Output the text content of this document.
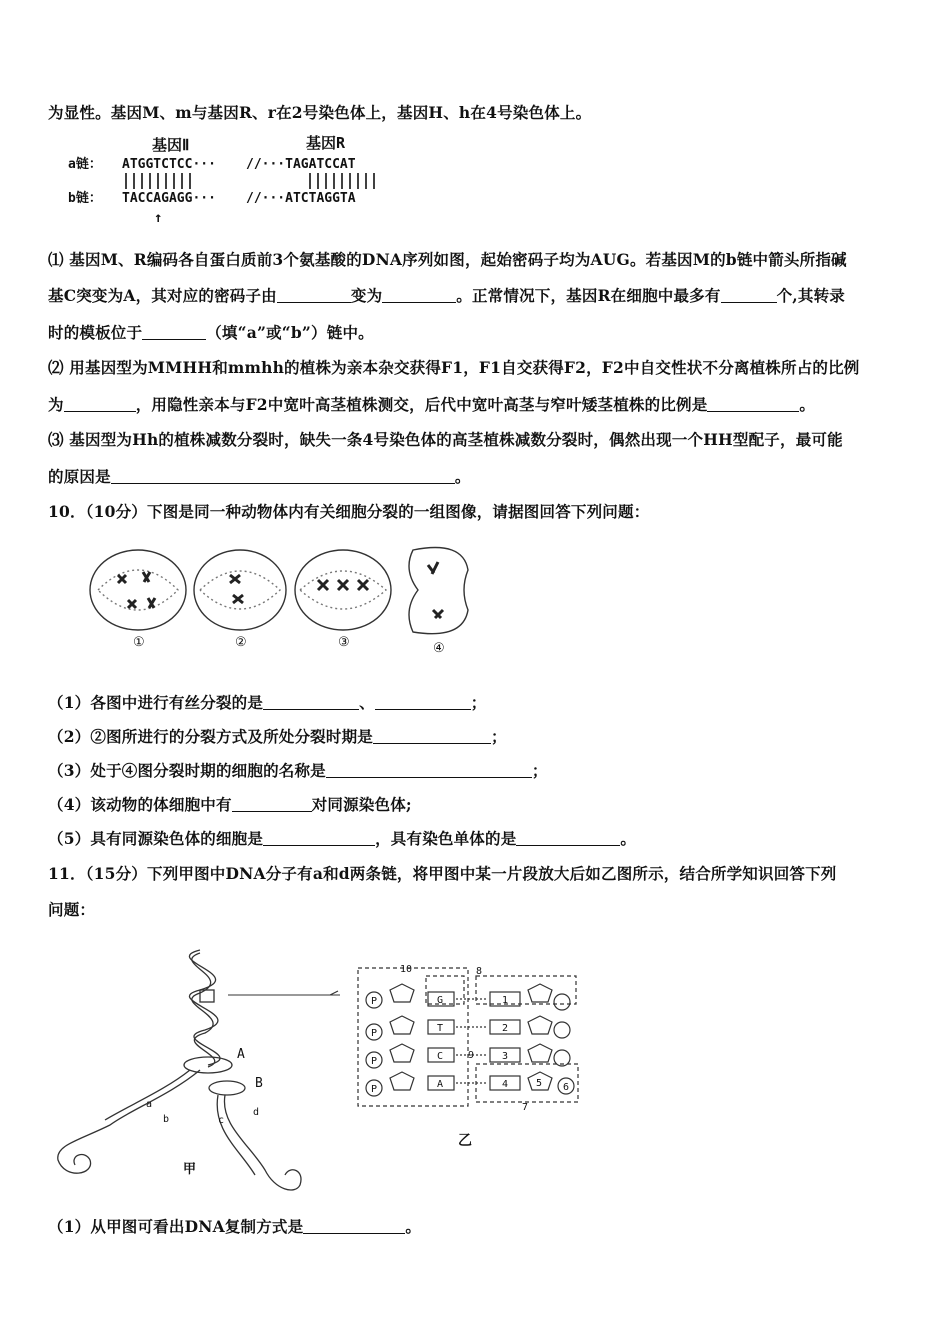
为显性。基因M、m与基因R、r在2号染色体上，基因H、h在4号染色体上。
基因Ⅱ	基因R
a链： ATGGTCTCC··· //···TAGATCCAT
b链： TACCAGAGG··· //···ATCTAGGTA
↑
⑴ 基因M、R编码各自蛋白质前3个氨基酸的DNA序列如图，起始密码子均为AUG。若基因M的b链中箭头所指碱
基C突变为A，其对应的密码子由	变为	。正常情况下，基因R在细胞中最多有	个,其转录
时的模板位于	（填“a”或“b”）链中。
⑵ 用基因型为MMHH和mmhh的植株为亲本杂交获得F1，F1自交获得F2，F2中自交性状不分离植株所占的比例
为	，用隐性亲本与F2中宽叶高茎植株测交，后代中宽叶高茎与窄叶矮茎植株的比例是	。
⑶ 基因型为Hh的植株减数分裂时，缺失一条4号染色体的高茎植株减数分裂时，偶然出现一个HH型配子，最可能
的原因是	。
10．（10分）下图是同一种动物体内有关细胞分裂的一组图像，请据图回答下列问题：
①	②	③	④
（1）各图中进行有丝分裂的是	、	；
（2）②图所进行的分裂方式及所处分裂时期是	；
（3）处于④图分裂时期的细胞的名称是	；
（4）该动物的体细胞中有	对同源染色体;
（5）具有同源染色体的细胞是	，具有染色单体的是	。
11．（15分）下列甲图中DNA分子有a和d两条链，将甲图中某一片段放大后如乙图所示，结合所学知识回答下列
问题：
A
B
a
b	c
d
甲
10	8
9
7
5 6
P
P
P
P
G
T
C
A
1
2
3
4
乙
（1）从甲图可看出DNA复制方式是	。
